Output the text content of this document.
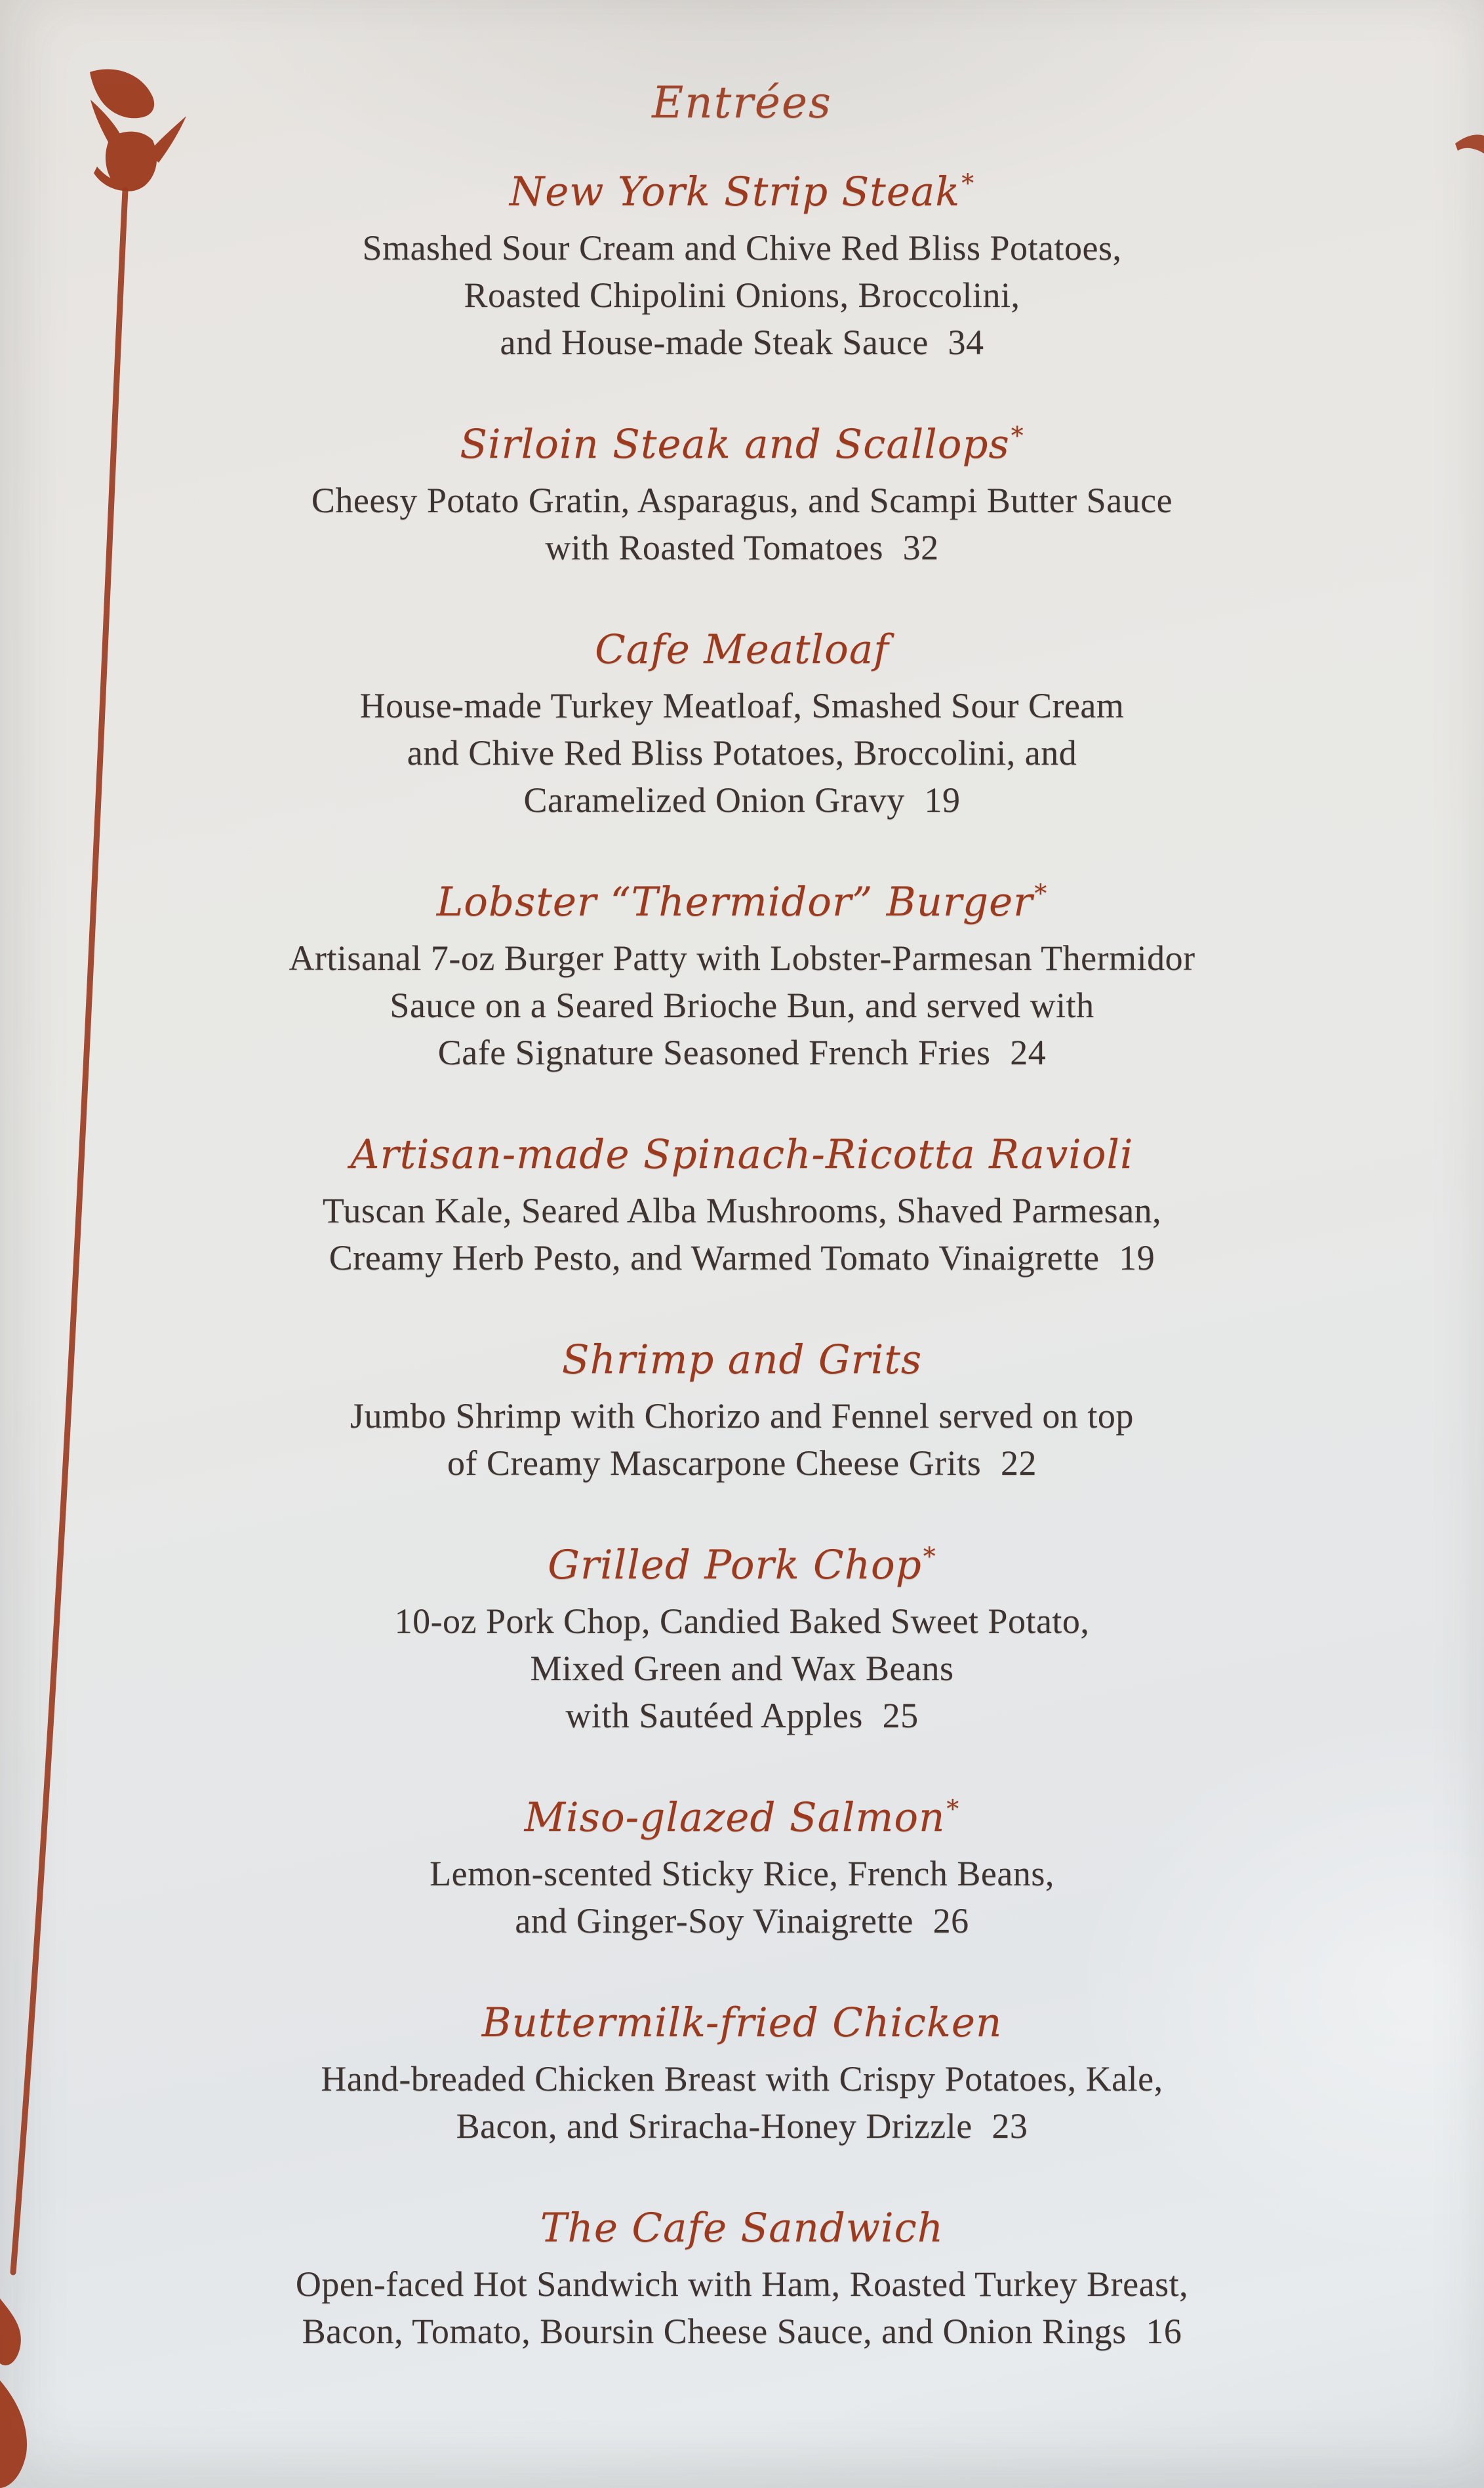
Entrées
New York Strip Steak*
Smashed Sour Cream and Chive Red Bliss Potatoes,
Roasted Chipolini Onions, Broccolini,
and House-made Steak Sauce 34
Sirloin Steak and Scallops*
Cheesy Potato Gratin, Asparagus, and Scampi Butter Sauce
with Roasted Tomatoes 32
Cafe Meatloaf
House-made Turkey Meatloaf, Smashed Sour Cream
and Chive Red Bliss Potatoes, Broccolini, and
Caramelized Onion Gravy 19
Lobster “Thermidor” Burger*
Artisanal 7-oz Burger Patty with Lobster-Parmesan Thermidor
Sauce on a Seared Brioche Bun, and served with
Cafe Signature Seasoned French Fries 24
Artisan-made Spinach-Ricotta Ravioli
Tuscan Kale, Seared Alba Mushrooms, Shaved Parmesan,
Creamy Herb Pesto, and Warmed Tomato Vinaigrette 19
Shrimp and Grits
Jumbo Shrimp with Chorizo and Fennel served on top
of Creamy Mascarpone Cheese Grits 22
Grilled Pork Chop*
10-oz Pork Chop, Candied Baked Sweet Potato,
Mixed Green and Wax Beans
with Sautéed Apples 25
Miso-glazed Salmon*
Lemon-scented Sticky Rice, French Beans,
and Ginger-Soy Vinaigrette 26
Buttermilk-fried Chicken
Hand-breaded Chicken Breast with Crispy Potatoes, Kale,
Bacon, and Sriracha-Honey Drizzle 23
The Cafe Sandwich
Open-faced Hot Sandwich with Ham, Roasted Turkey Breast,
Bacon, Tomato, Boursin Cheese Sauce, and Onion Rings 16
